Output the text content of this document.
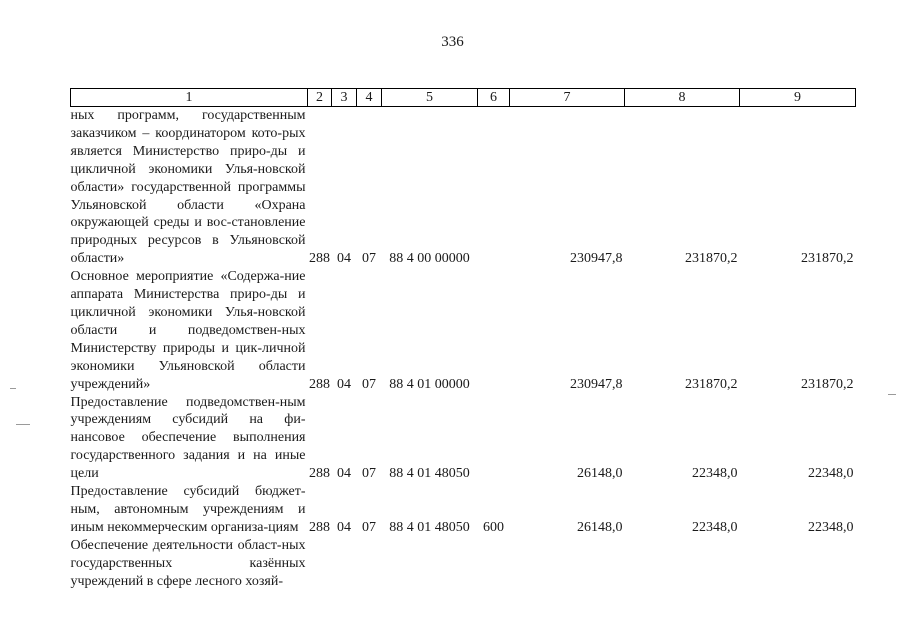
336
1	2	3	4	5	6	7	8	9
ных программ, государственным заказчиком – координатором кото-рых является Министерство приро-ды и цикличной экономики Улья-новской области» государственной программы Ульяновской области «Охрана окружающей среды и вос-становление природных ресурсов в Ульяновской области»	288	04	07	88 4 00 00000		230947,8	231870,2	231870,2
Основное мероприятие «Содержа-ние аппарата Министерства приро-ды и цикличной экономики Улья-новской области и подведомствен-ных Министерству природы и цик-личной экономики Ульяновской области учреждений»	288	04	07	88 4 01 00000		230947,8	231870,2	231870,2
Предоставление подведомствен-ным учреждениям субсидий на фи-нансовое обеспечение выполнения государственного задания и на иные цели	288	04	07	88 4 01 48050		26148,0	22348,0	22348,0
Предоставление субсидий бюджет-ным, автономным учреждениям и иным некоммерческим организа-циям	288	04	07	88 4 01 48050	600	26148,0	22348,0	22348,0
Обеспечение деятельности област-ных государственных казённых учреждений в сфере лесного хозяй-								
